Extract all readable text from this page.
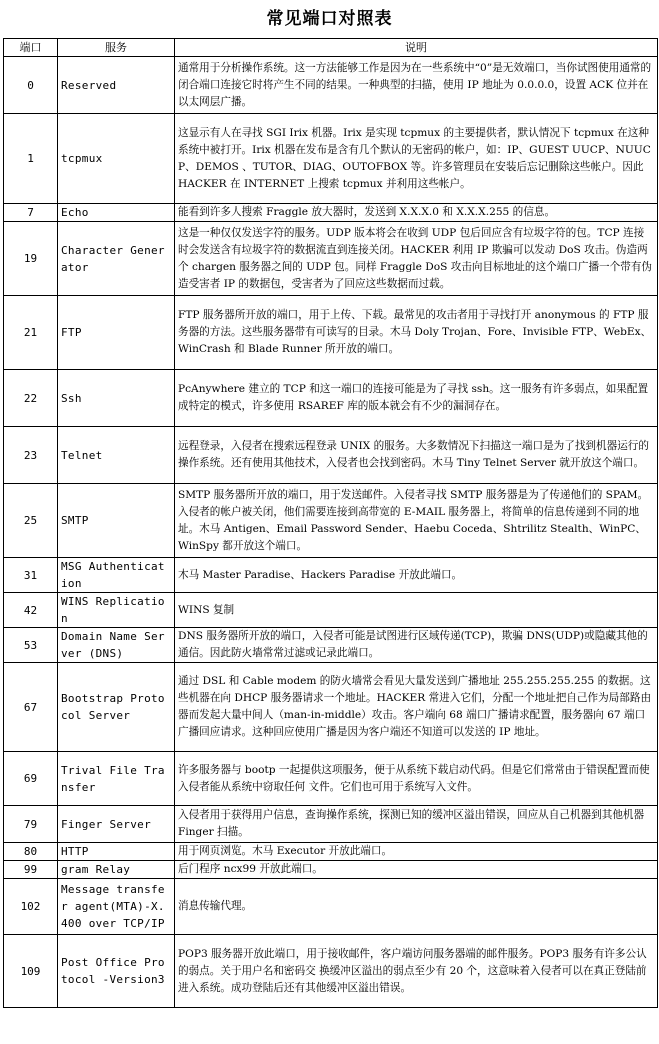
常见端口对照表
端口	服务	说明
0	Reserved	通常用于分析操作系统。这一方法能够工作是因为在一些系统中“0”是无效端口，当你试图使用通常的闭合端口连接它时将产生不同的结果。一种典型的扫描，使用 IP 地址为 0.0.0.0，设置 ACK 位并在以太网层广播。
1	tcpmux	这显示有人在寻找 SGI Irix 机器。Irix 是实现 tcpmux 的主要提供者，默认情况下 tcpmux 在这种系统中被打开。Irix 机器在发布是含有几个默认的无密码的帐户，如：IP、GUEST UUCP、NUUCP、DEMOS 、TUTOR、DIAG、OUTOFBOX 等。许多管理员在安装后忘记删除这些帐户。因此 HACKER 在 INTERNET 上搜索 tcpmux 并利用这些帐户。
7	Echo	能看到许多人搜索 Fraggle 放大器时，发送到 X.X.X.0 和 X.X.X.255 的信息。
19	Character Generator	这是一种仅仅发送字符的服务。UDP 版本将会在收到 UDP 包后回应含有垃圾字符的包。TCP 连接时会发送含有垃圾字符的数据流直到连接关闭。HACKER 利用 IP 欺骗可以发动 DoS 攻击。伪造两个 chargen 服务器之间的 UDP 包。同样 Fraggle DoS 攻击向目标地址的这个端口广播一个带有伪造受害者 IP 的数据包，受害者为了回应这些数据而过载。
21	FTP	FTP 服务器所开放的端口，用于上传、下载。最常见的攻击者用于寻找打开 anonymous 的 FTP 服务器的方法。这些服务器带有可读写的目录。木马 Doly Trojan、Fore、Invisible FTP、WebEx、WinCrash 和 Blade Runner 所开放的端口。
22	Ssh	PcAnywhere 建立的 TCP 和这一端口的连接可能是为了寻找 ssh。这一服务有许多弱点，如果配置成特定的模式，许多使用 RSAREF 库的版本就会有不少的漏洞存在。
23	Telnet	远程登录，入侵者在搜索远程登录 UNIX 的服务。大多数情况下扫描这一端口是为了找到机器运行的操作系统。还有使用其他技术，入侵者也会找到密码。木马 Tiny Telnet Server 就开放这个端口。
25	SMTP	SMTP 服务器所开放的端口，用于发送邮件。入侵者寻找 SMTP 服务器是为了传递他们的 SPAM。入侵者的帐户被关闭，他们需要连接到高带宽的 E-MAIL 服务器上，将简单的信息传递到不同的地址。木马 Antigen、Email Password Sender、Haebu Coceda、Shtrilitz Stealth、WinPC、WinSpy 都开放这个端口。
31	MSG Authentication	木马 Master Paradise、Hackers Paradise 开放此端口。
42	WINS Replication	WINS 复制
53	Domain Name Server (DNS)	DNS 服务器所开放的端口，入侵者可能是试图进行区域传递(TCP)，欺骗 DNS(UDP)或隐藏其他的通信。因此防火墙常常过滤或记录此端口。
67	Bootstrap Protocol Server	通过 DSL 和 Cable modem 的防火墙常会看见大量发送到广播地址 255.255.255.255 的数据。这些机器在向 DHCP 服务器请求一个地址。HACKER 常进入它们，分配一个地址把自己作为局部路由器而发起大量中间人（man-in-middle）攻击。客户端向 68 端口广播请求配置，服务器向 67 端口广播回应请求。这种回应使用广播是因为客户端还不知道可以发送的 IP 地址。
69	Trival File Transfer	许多服务器与 bootp 一起提供这项服务，便于从系统下载启动代码。但是它们常常由于错误配置而使入侵者能从系统中窃取任何 文件。它们也可用于系统写入文件。
79	Finger Server	入侵者用于获得用户信息，查询操作系统，探测已知的缓冲区溢出错误，回应从自己机器到其他机器 Finger 扫描。
80	HTTP	用于网页浏览。木马 Executor 开放此端口。
99	gram Relay	后门程序 ncx99 开放此端口。
102	Message transfer agent(MTA)-X.400 over TCP/IP	消息传输代理。
109	Post Office Protocol -Version3	POP3 服务器开放此端口，用于接收邮件，客户端访问服务器端的邮件服务。POP3 服务有许多公认的弱点。关于用户名和密码交 换缓冲区溢出的弱点至少有 20 个，这意味着入侵者可以在真正登陆前进入系统。成功登陆后还有其他缓冲区溢出错误。
